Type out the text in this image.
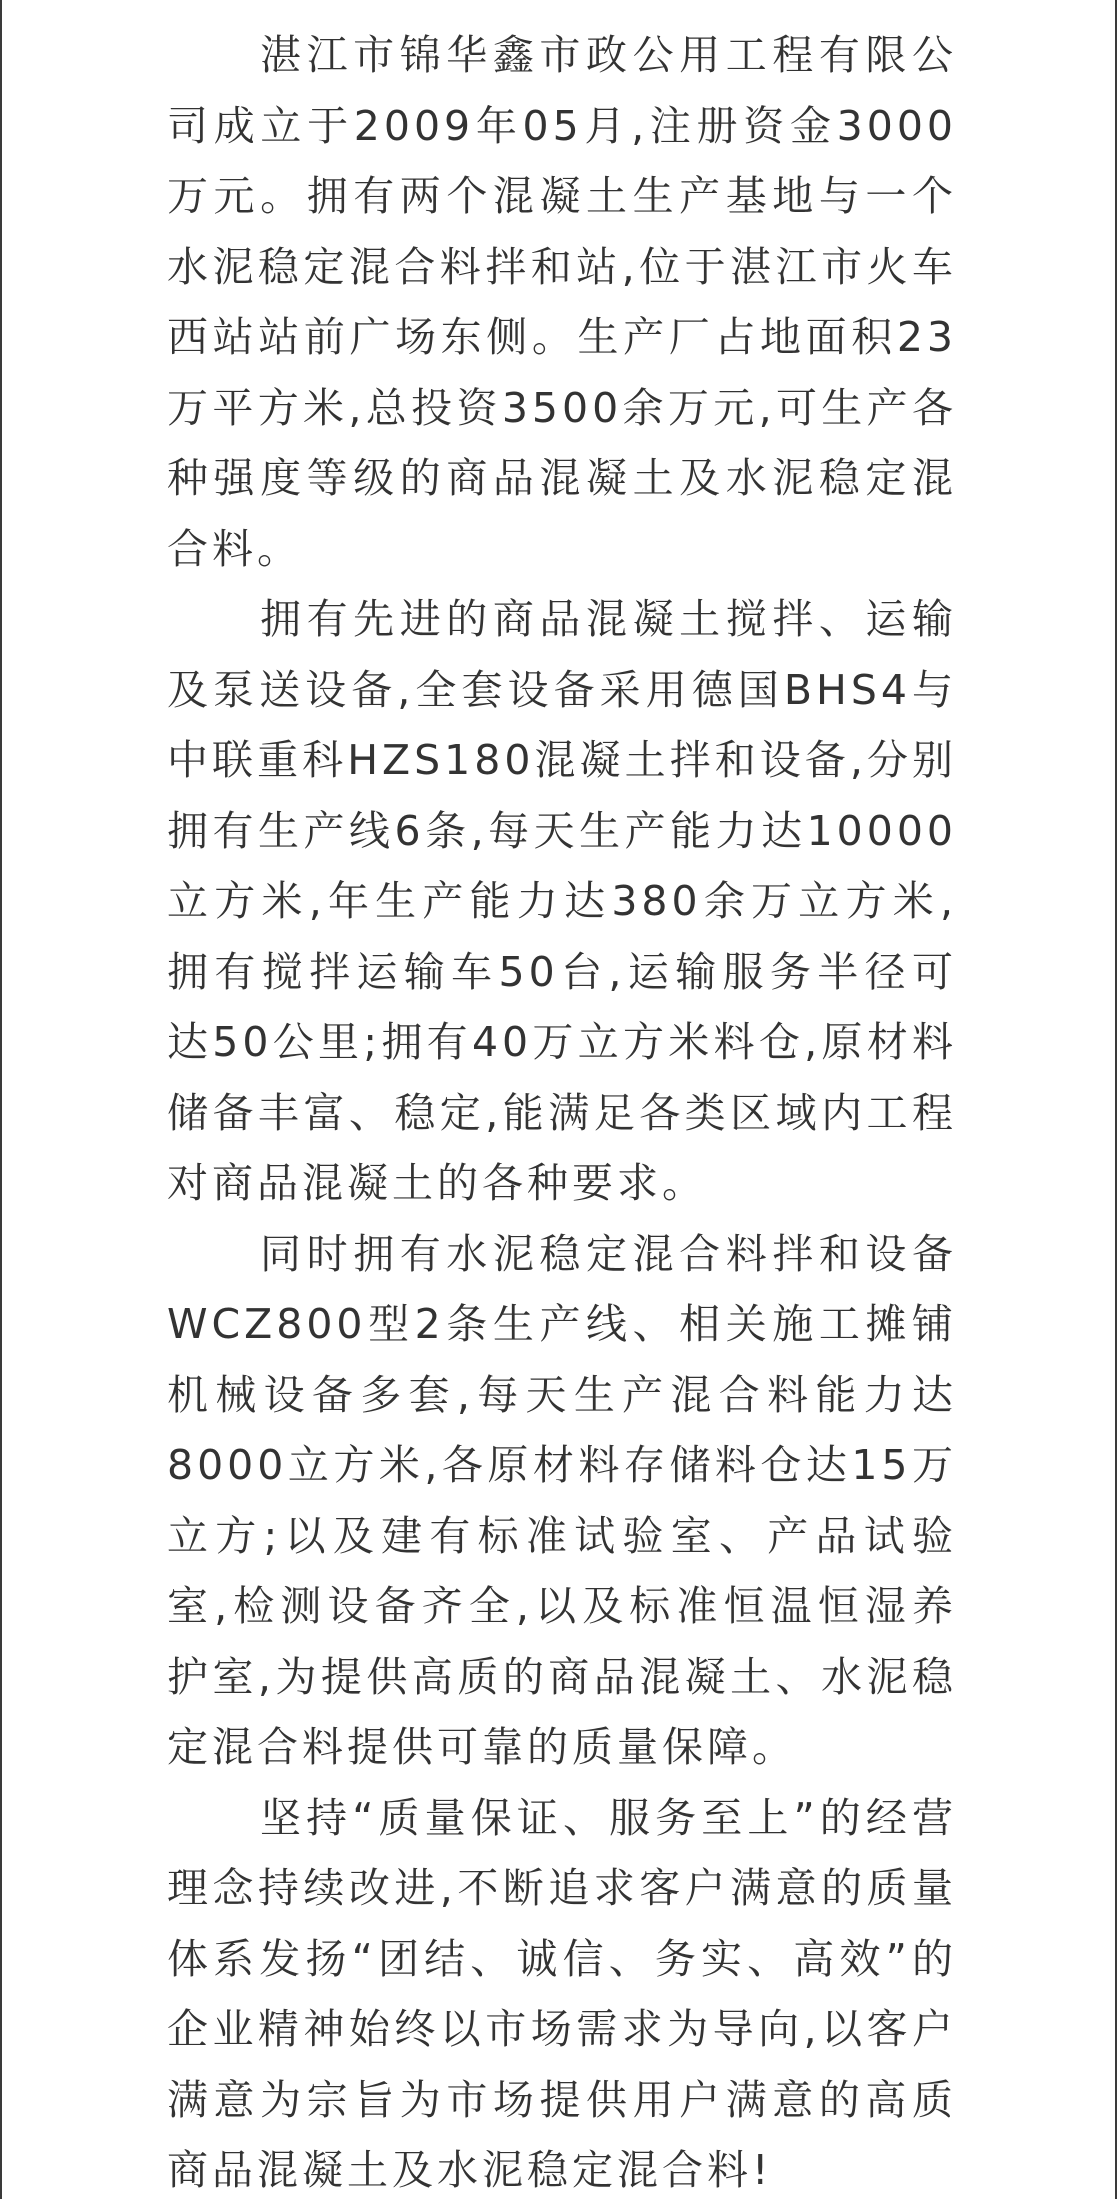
湛江市锦华鑫市政公用工程有限公司成立于2009年05月,注册资金3000万元。拥有两个混凝土生产基地与一个水泥稳定混合料拌和站,位于湛江市火车西站站前广场东侧。生产厂占地面积23万平方米,总投资3500余万元,可生产各种强度等级的商品混凝土及水泥稳定混合料。

拥有先进的商品混凝土搅拌、运输及泵送设备,全套设备采用德国BHS4与中联重科HZS180混凝土拌和设备,分别拥有生产线6条,每天生产能力达10000立方米,年生产能力达380余万立方米,拥有搅拌运输车50台,运输服务半径可达50公里;拥有40万立方米料仓,原材料储备丰富、稳定,能满足各类区域内工程对商品混凝土的各种要求。

同时拥有水泥稳定混合料拌和设备WCZ800型2条生产线、相关施工摊铺机械设备多套,每天生产混合料能力达8000立方米,各原材料存储料仓达15万立方;以及建有标准试验室、产品试验室,检测设备齐全,以及标准恒温恒湿养护室,为提供高质的商品混凝土、水泥稳定混合料提供可靠的质量保障。

坚持“质量保证、服务至上”的经营理念持续改进,不断追求客户满意的质量体系发扬“团结、诚信、务实、高效”的企业精神始终以市场需求为导向,以客户满意为宗旨为市场提供用户满意的高质商品混凝土及水泥稳定混合料!
